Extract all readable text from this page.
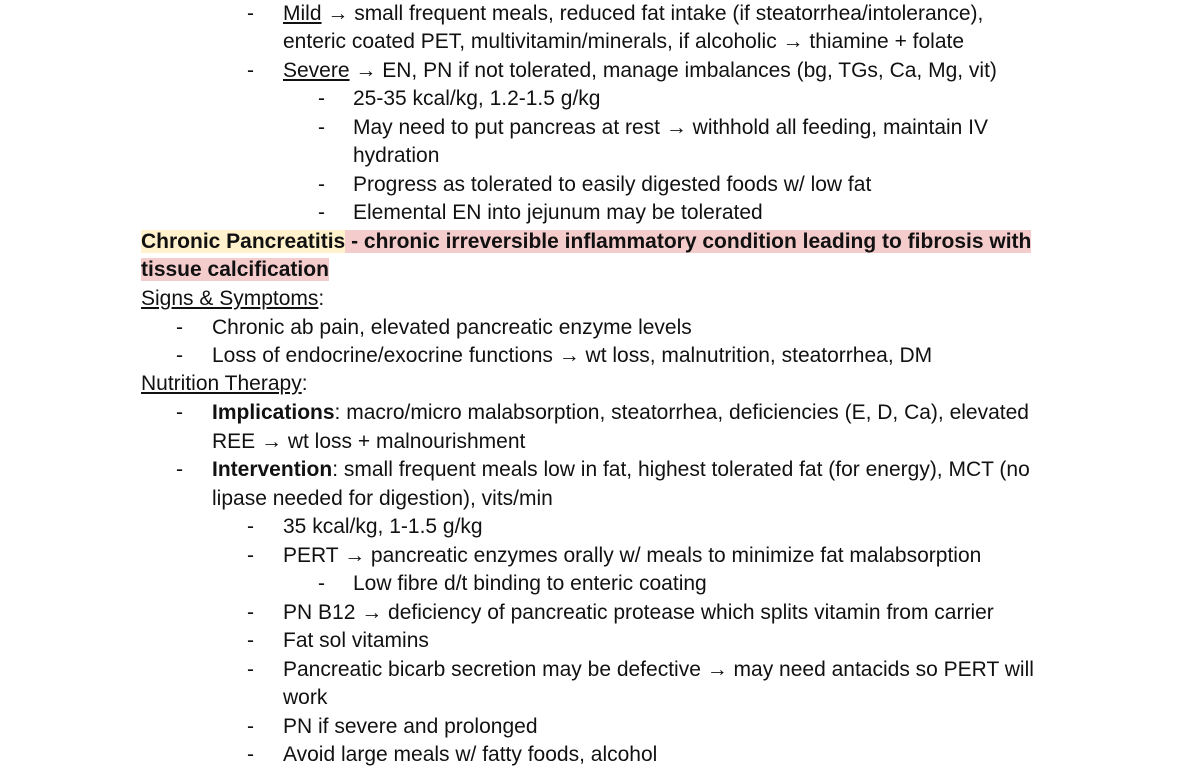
- Mild → small frequent meals, reduced fat intake (if steatorrhea/intolerance),
enteric coated PET, multivitamin/minerals, if alcoholic → thiamine + folate
- Severe → EN, PN if not tolerated, manage imbalances (bg, TGs, Ca, Mg, vit)
- 25-35 kcal/kg, 1.2-1.5 g/kg
- May need to put pancreas at rest → withhold all feeding, maintain IV
hydration
- Progress as tolerated to easily digested foods w/ low fat
- Elemental EN into jejunum may be tolerated
Chronic Pancreatitis - chronic irreversible inflammatory condition leading to fibrosis with
tissue calcification
Signs & Symptoms:
- Chronic ab pain, elevated pancreatic enzyme levels
- Loss of endocrine/exocrine functions → wt loss, malnutrition, steatorrhea, DM
Nutrition Therapy:
- Implications: macro/micro malabsorption, steatorrhea, deficiencies (E, D, Ca), elevated
REE → wt loss + malnourishment
- Intervention: small frequent meals low in fat, highest tolerated fat (for energy), MCT (no
lipase needed for digestion), vits/min
- 35 kcal/kg, 1-1.5 g/kg
- PERT → pancreatic enzymes orally w/ meals to minimize fat malabsorption
- Low fibre d/t binding to enteric coating
- PN B12 → deficiency of pancreatic protease which splits vitamin from carrier
- Fat sol vitamins
- Pancreatic bicarb secretion may be defective → may need antacids so PERT will
work
- PN if severe and prolonged
- Avoid large meals w/ fatty foods, alcohol
